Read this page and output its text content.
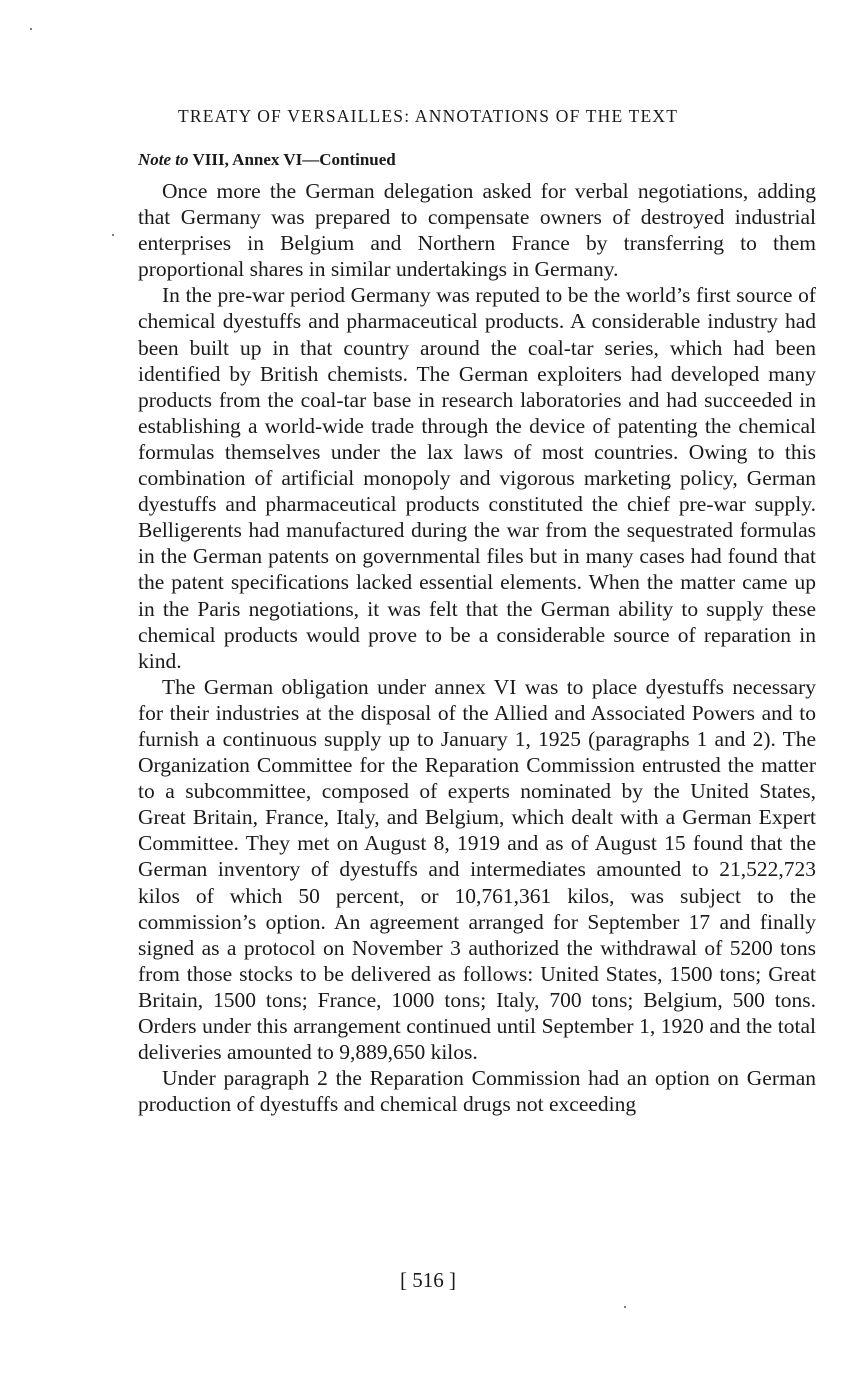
TREATY OF VERSAILLES: ANNOTATIONS OF THE TEXT
Note to VIII, Annex VI—Continued

Once more the German delegation asked for verbal negotiations, adding that Germany was prepared to compensate owners of destroyed industrial enterprises in Belgium and Northern France by transferring to them proportional shares in similar undertakings in Germany.

In the pre-war period Germany was reputed to be the world’s first source of chemical dyestuffs and pharmaceutical products. A considerable industry had been built up in that country around the coal-tar series, which had been identified by British chemists. The German exploiters had developed many products from the coal-tar base in research laboratories and had succeeded in establishing a world-wide trade through the device of patenting the chemical formulas themselves under the lax laws of most countries. Owing to this combination of artificial monopoly and vigorous marketing policy, German dyestuffs and pharmaceutical products constituted the chief pre-war supply. Belligerents had manufactured during the war from the sequestrated formulas in the German patents on governmental files but in many cases had found that the patent specifications lacked essential elements. When the matter came up in the Paris negotiations, it was felt that the German ability to supply these chemical products would prove to be a considerable source of reparation in kind.

The German obligation under annex VI was to place dyestuffs necessary for their industries at the disposal of the Allied and Associated Powers and to furnish a continuous supply up to January 1, 1925 (paragraphs 1 and 2). The Organization Committee for the Reparation Commission entrusted the matter to a subcommittee, composed of experts nominated by the United States, Great Britain, France, Italy, and Belgium, which dealt with a German Expert Committee. They met on August 8, 1919 and as of August 15 found that the German inventory of dyestuffs and intermediates amounted to 21,522,723 kilos of which 50 percent, or 10,761,361 kilos, was subject to the commission’s option. An agreement arranged for September 17 and finally signed as a protocol on November 3 authorized the withdrawal of 5200 tons from those stocks to be delivered as follows: United States, 1500 tons; Great Britain, 1500 tons; France, 1000 tons; Italy, 700 tons; Belgium, 500 tons. Orders under this arrangement continued until September 1, 1920 and the total deliveries amounted to 9,889,650 kilos.

Under paragraph 2 the Reparation Commission had an option on German production of dyestuffs and chemical drugs not exceeding

[ 516 ]
